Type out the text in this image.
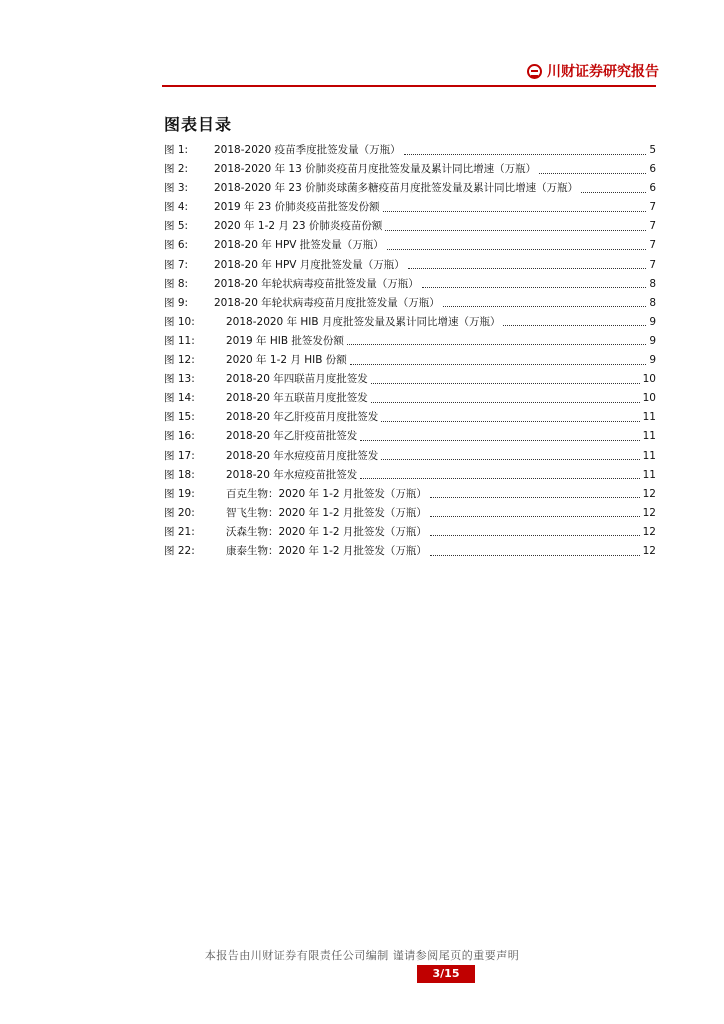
川财证券研究报告
图表目录
图 1:	2018-2020 疫苗季度批签发量（万瓶）	5
图 2:	2018-2020 年 13 价肺炎疫苗月度批签发量及累计同比增速（万瓶）	6
图 3:	2018-2020 年 23 价肺炎球菌多糖疫苗月度批签发量及累计同比增速（万瓶）	6
图 4:	2019 年 23 价肺炎疫苗批签发份额	7
图 5:	2020 年 1-2 月 23 价肺炎疫苗份额	7
图 6:	2018-20 年 HPV 批签发量（万瓶）	7
图 7:	2018-20 年 HPV 月度批签发量（万瓶）	7
图 8:	2018-20 年轮状病毒疫苗批签发量（万瓶）	8
图 9:	2018-20 年轮状病毒疫苗月度批签发量（万瓶）	8
图 10:	2018-2020 年 HIB 月度批签发量及累计同比增速（万瓶）	9
图 11:	2019 年 HIB 批签发份额	9
图 12:	2020 年 1-2 月 HIB 份额	9
图 13:	2018-20 年四联苗月度批签发	10
图 14:	2018-20 年五联苗月度批签发	10
图 15:	2018-20 年乙肝疫苗月度批签发	11
图 16:	2018-20 年乙肝疫苗批签发	11
图 17:	2018-20 年水痘疫苗月度批签发	11
图 18:	2018-20 年水痘疫苗批签发	11
图 19:	百克生物：2020 年 1-2 月批签发（万瓶）	12
图 20:	智飞生物：2020 年 1-2 月批签发（万瓶）	12
图 21:	沃森生物：2020 年 1-2 月批签发（万瓶）	12
图 22:	康泰生物：2020 年 1-2 月批签发（万瓶）	12
本报告由川财证券有限责任公司编制 谨请参阅尾页的重要声明
3/15
